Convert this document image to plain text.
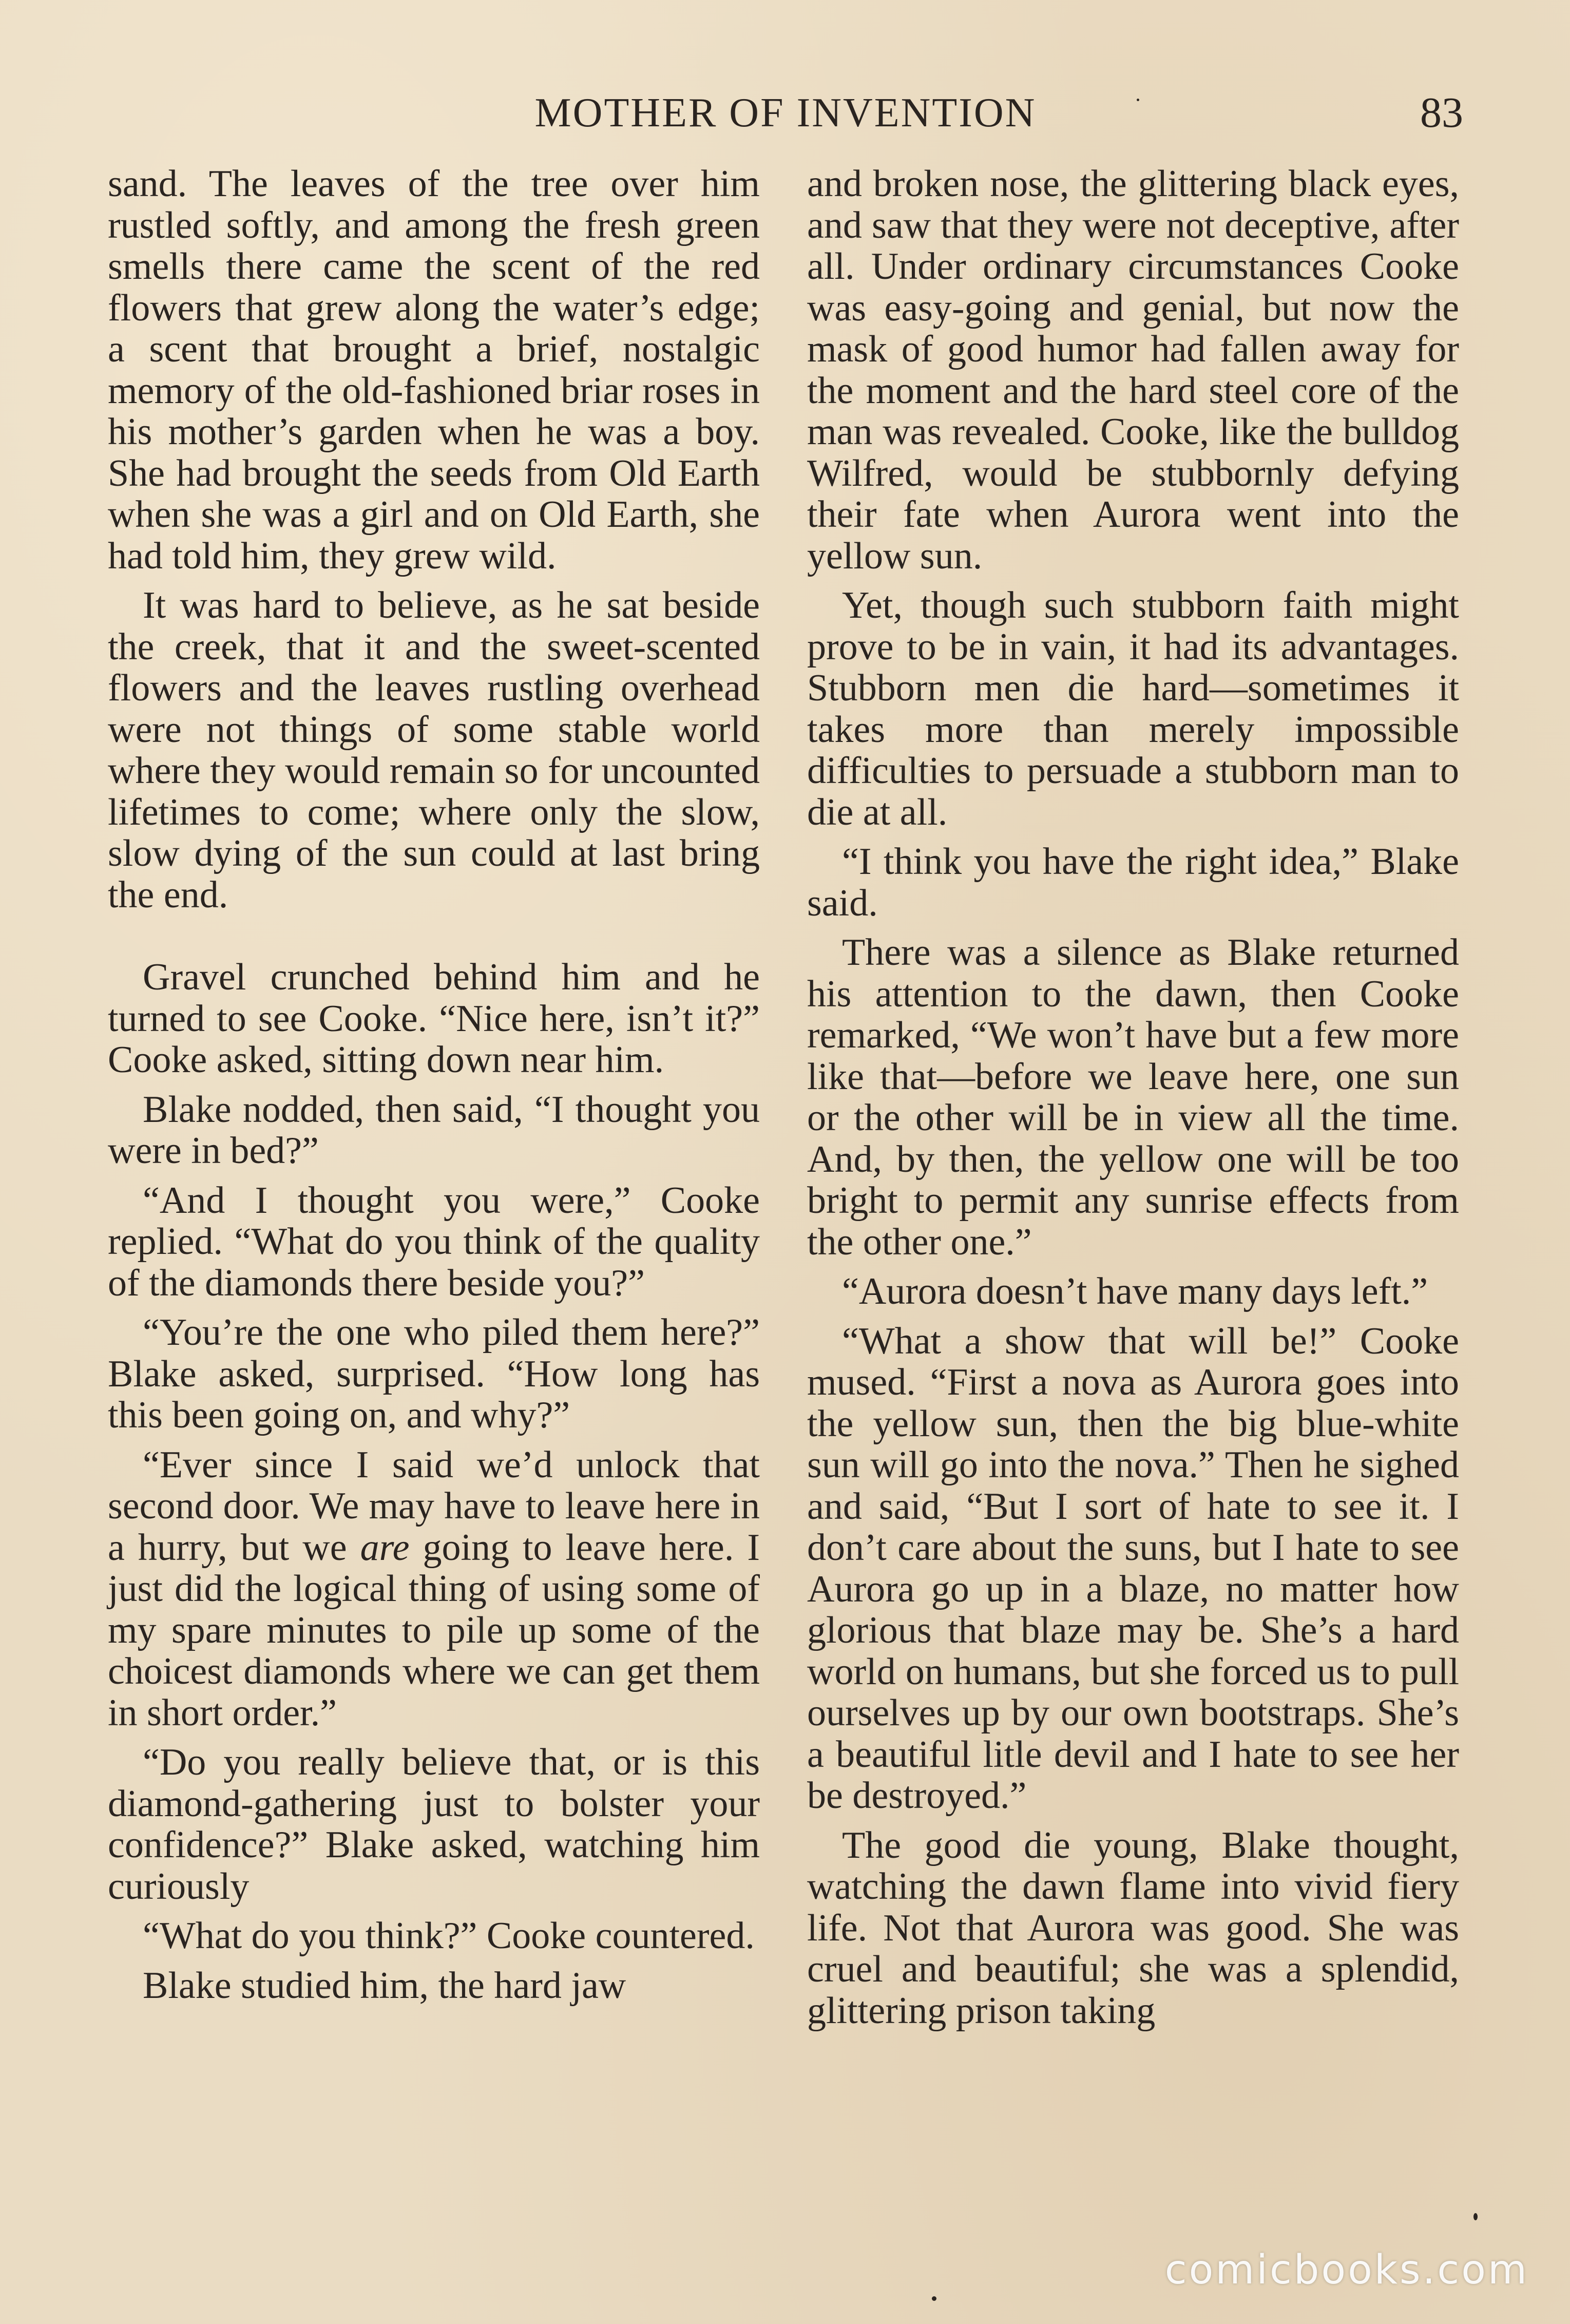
MOTHER OF INVENTION	83

sand. The leaves of the tree over him rustled softly, and among the fresh green smells there came the scent of the red flowers that grew along the water’s edge; a scent that brought a brief, nostalgic memory of the old-fashioned briar roses in his mother’s garden when he was a boy. She had brought the seeds from Old Earth when she was a girl and on Old Earth, she had told him, they grew wild.

It was hard to believe, as he sat beside the creek, that it and the sweet-scented flowers and the leaves rustling overhead were not things of some stable world where they would remain so for uncounted lifetimes to come; where only the slow, slow dying of the sun could at last bring the end.

Gravel crunched behind him and he turned to see Cooke. “Nice here, isn’t it?” Cooke asked, sitting down near him.

Blake nodded, then said, “I thought you were in bed?”

“And I thought you were,” Cooke replied. “What do you think of the quality of the diamonds there beside you?”

“You’re the one who piled them here?” Blake asked, surprised. “How long has this been going on, and why?”

“Ever since I said we’d unlock that second door. We may have to leave here in a hurry, but we are going to leave here. I just did the logical thing of using some of my spare minutes to pile up some of the choicest diamonds where we can get them in short order.”

“Do you really believe that, or is this diamond-gathering just to bolster your confidence?” Blake asked, watching him curiously

“What do you think?” Cooke countered.

Blake studied him, the hard jaw

and broken nose, the glittering black eyes, and saw that they were not deceptive, after all. Under ordinary circumstances Cooke was easy-going and genial, but now the mask of good humor had fallen away for the moment and the hard steel core of the man was revealed. Cooke, like the bulldog Wilfred, would be stubbornly defying their fate when Aurora went into the yellow sun.

Yet, though such stubborn faith might prove to be in vain, it had its advantages. Stubborn men die hard—sometimes it takes more than merely impossible difficulties to persuade a stubborn man to die at all.

“I think you have the right idea,” Blake said.

There was a silence as Blake returned his attention to the dawn, then Cooke remarked, “We won’t have but a few more like that—before we leave here, one sun or the other will be in view all the time. And, by then, the yellow one will be too bright to permit any sunrise effects from the other one.”

“Aurora doesn’t have many days left.”

“What a show that will be!” Cooke mused. “First a nova as Aurora goes into the yellow sun, then the big blue-white sun will go into the nova.” Then he sighed and said, “But I sort of hate to see it. I don’t care about the suns, but I hate to see Aurora go up in a blaze, no matter how glorious that blaze may be. She’s a hard world on humans, but she forced us to pull ourselves up by our own bootstraps. She’s a beautiful litle devil and I hate to see her be destroyed.”

The good die young, Blake thought, watching the dawn flame into vivid fiery life. Not that Aurora was good. She was cruel and beautiful; she was a splendid, glittering prison taking

comicbooks.com
